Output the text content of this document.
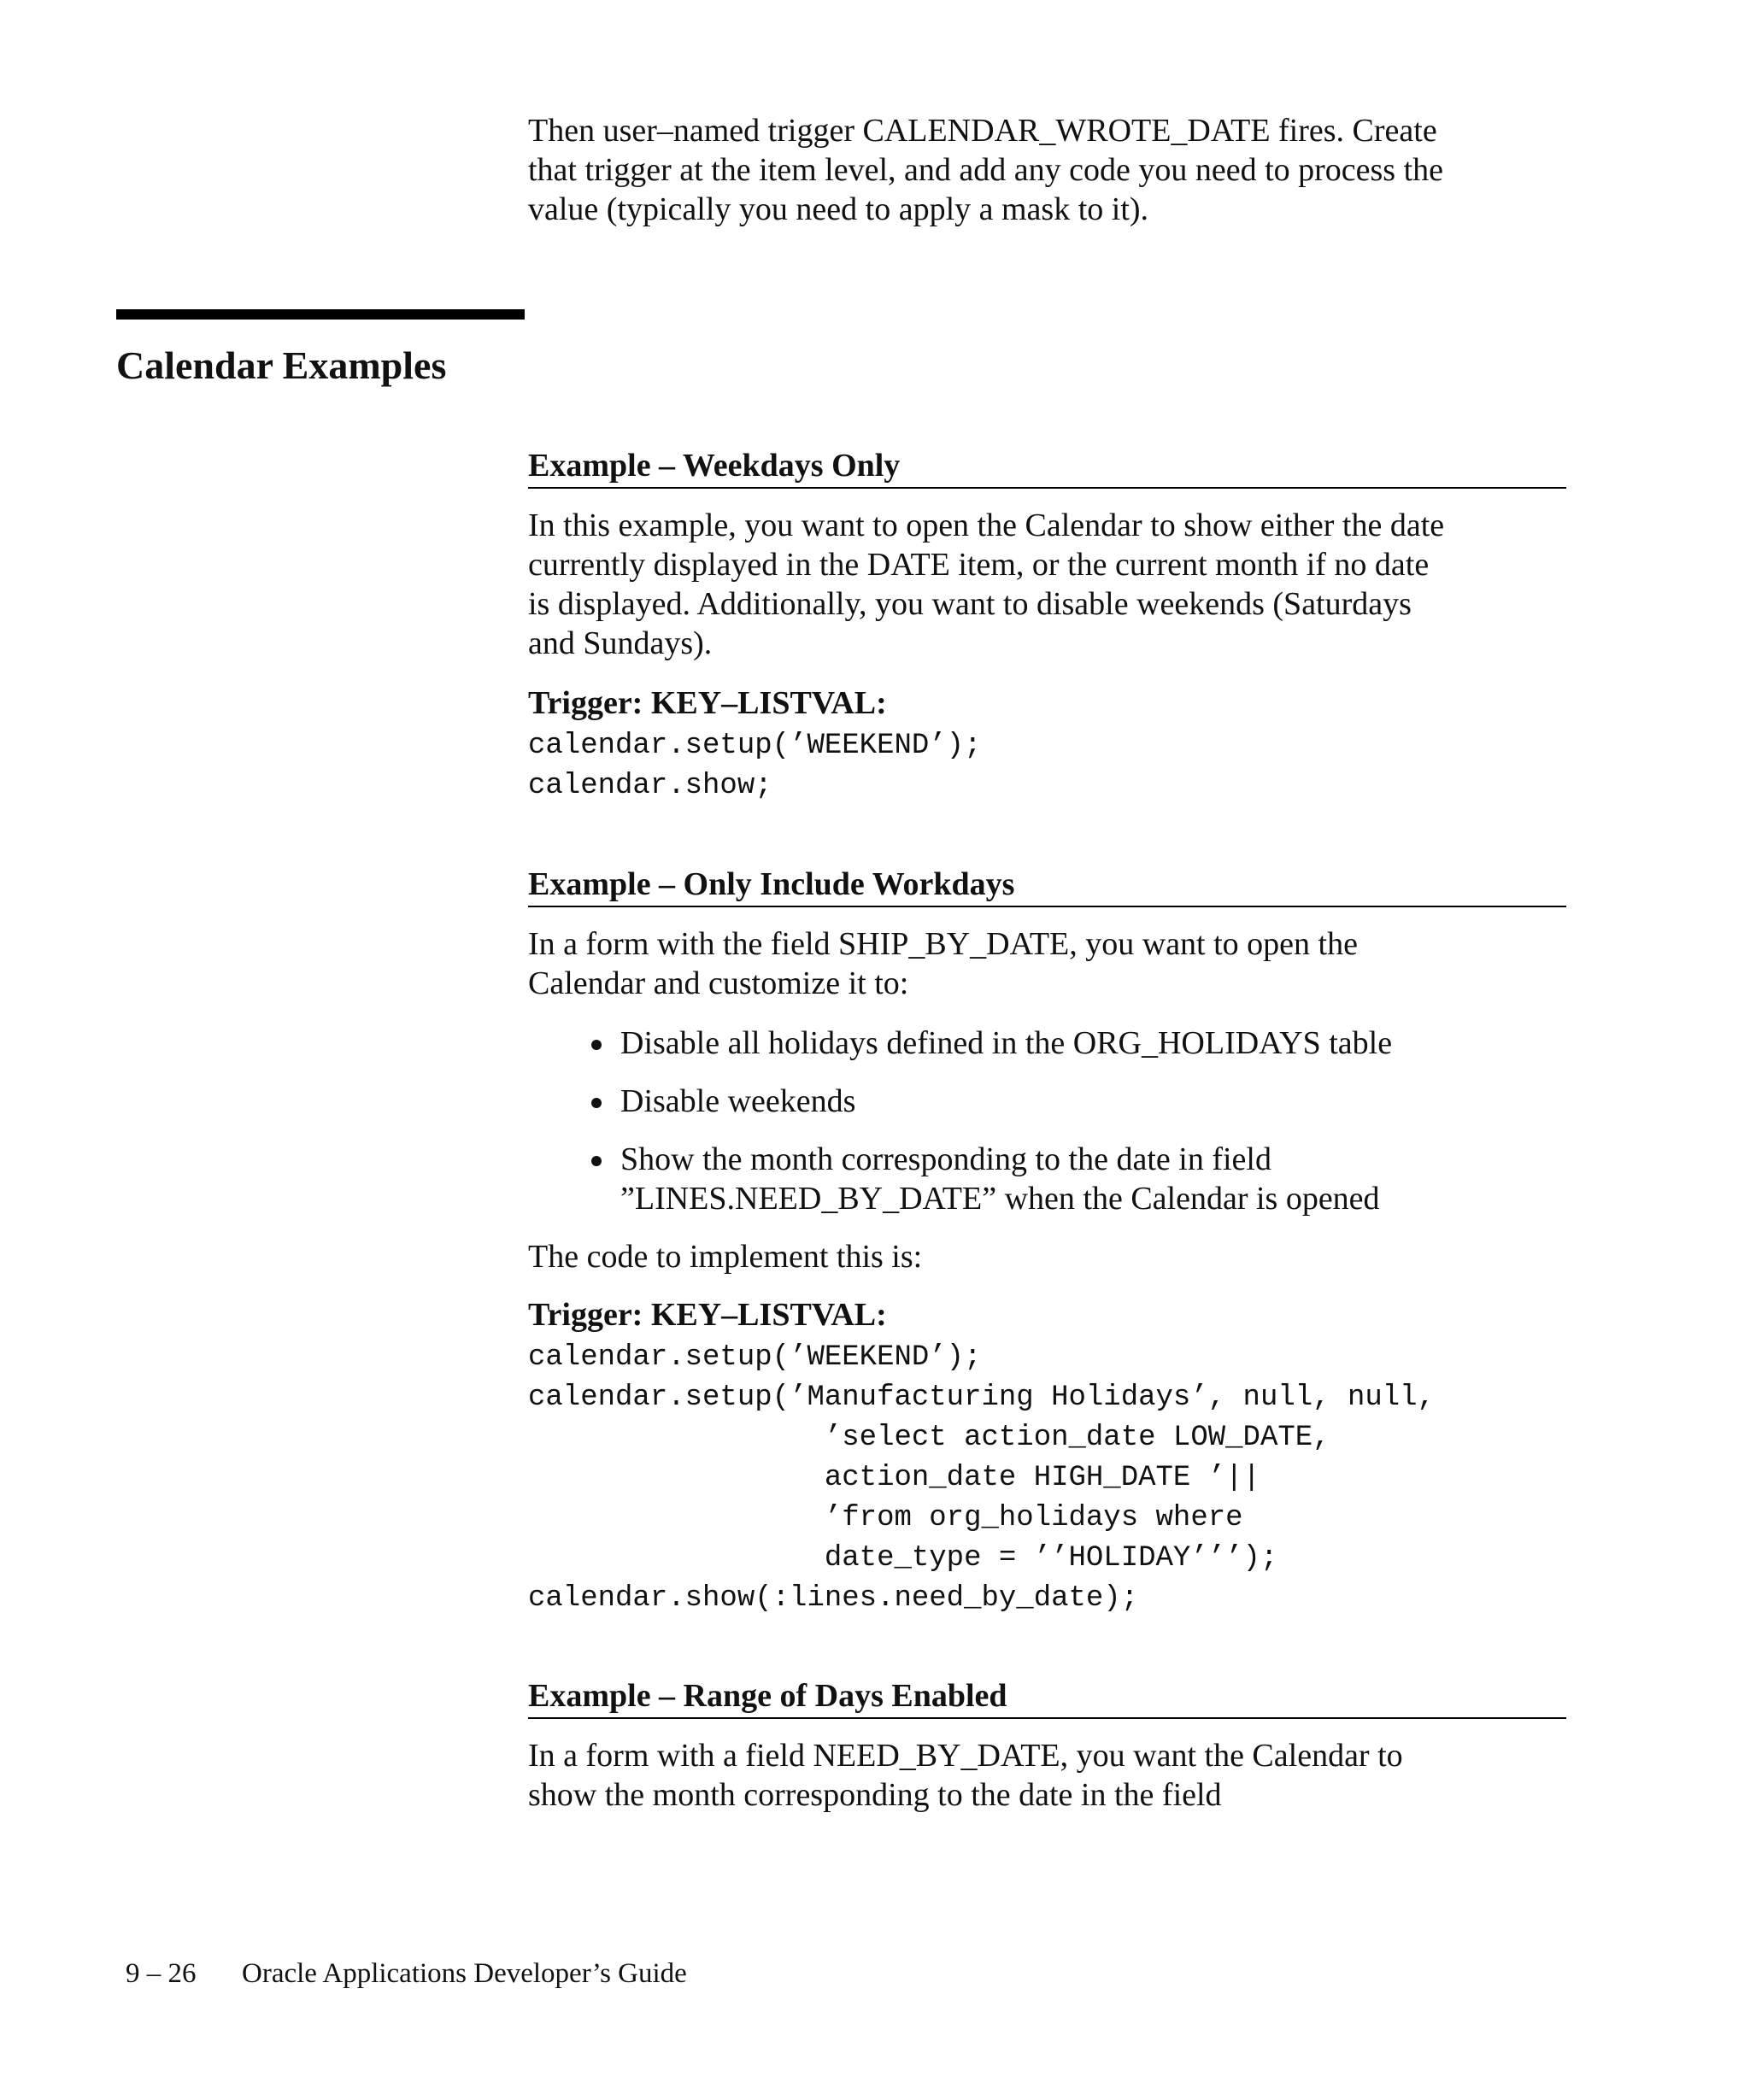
Then user–named trigger CALENDAR_WROTE_DATE fires. Create

that trigger at the item level, and add any code you need to process the

value (typically you need to apply a mask to it).

Calendar Examples
Example – Weekdays Only

In this example, you want to open the Calendar to show either the date

currently displayed in the DATE item, or the current month if no date

is displayed. Additionally, you want to disable weekends (Saturdays

and Sundays).

Trigger: KEY–LISTVAL:

calendar.setup(’WEEKEND’);

calendar.show;

Example – Only Include Workdays

In a form with the field SHIP_BY_DATE, you want to open the

Calendar and customize it to:

Disable all holidays defined in the ORG_HOLIDAYS table
Disable weekends
Show the month corresponding to the date in field
”LINES.NEED_BY_DATE” when the Calendar is opened

The code to implement this is:

Trigger: KEY–LISTVAL:

calendar.setup(’WEEKEND’);

calendar.setup(’Manufacturing Holidays’, null, null,

’select action_date LOW_DATE,

action_date HIGH_DATE ’||

’from org_holidays where

date_type = ’’HOLIDAY’’’);

calendar.show(:lines.need_by_date);

Example – Range of Days Enabled

In a form with a field NEED_BY_DATE, you want the Calendar to

show the month corresponding to the date in the field

9 – 26 Oracle Applications Developer’s Guide
